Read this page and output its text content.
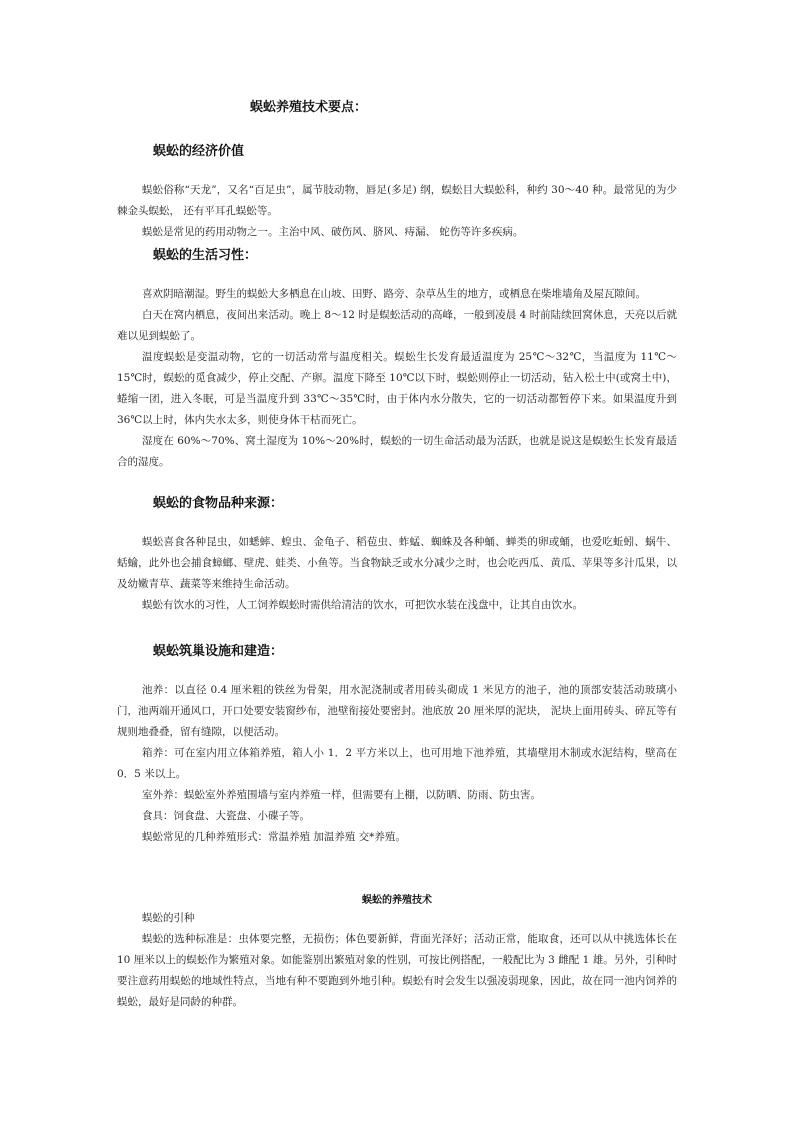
蜈蚣养殖技术要点：
蜈蚣的经济价值

蜈蚣俗称“天龙”，又名“百足虫”，属节肢动物，唇足(多足) 纲，蜈蚣目大蜈蚣科，种约 30～40 种。最常见的为少棘金头蜈蚣， 还有平耳孔蜈蚣等。

蜈蚣是常见的药用动物之一。主治中风、破伤风、脐风、痔漏、 蛇伤等许多疾病。

蜈蚣的生活习性：

喜欢阴暗潮湿。野生的蜈蚣大多栖息在山坡、田野、路旁、杂草丛生的地方，或栖息在柴堆墙角及屋瓦隙间。

白天在窝内栖息，夜间出来活动。晚上 8～12 时是蜈蚣活动的高峰，一般到凌晨 4 时前陆续回窝休息，天亮以后就难以见到蜈蚣了。

温度蜈蚣是变温动物，它的一切活动常与温度相关。蜈蚣生长发育最适温度为 25℃～32℃，当温度为 11℃～15℃时，蜈蚣的觅食减少，停止交配、产卵。温度下降至 10℃以下时，蜈蚣则停止一切活动，钻入松土中(或窝土中)，蜷缩一团，进入冬眠，可是当温度升到 33℃～35℃时，由于体内水分散失，它的一切活动都暂停下来。如果温度升到 36℃以上时，体内失水太多，则使身体干枯而死亡。

湿度在 60%～70%、窝土湿度为 10%～20%时，蜈蚣的一切生命活动最为活跃，也就是说这是蜈蚣生长发育最适合的湿度。

蜈蚣的食物品种来源：

蜈蚣喜食各种昆虫，如蟋蟀、蝗虫、金龟子、稻苞虫、蚱蜢、蜘蛛及各种蛹、蝉类的卵或蛹，也爱吃蚯蚓、蜗牛、蛞蝓，此外也会捕食蟑螂、壁虎、蛙类、小鱼等。当食物缺乏或水分减少之时，也会吃西瓜、黄瓜、苹果等多汁瓜果，以及幼嫩青草、蔬菜等来维持生命活动。

蜈蚣有饮水的习性，人工饲养蜈蚣时需供给清洁的饮水，可把饮水装在浅盘中，让其自由饮水。

蜈蚣筑巢设施和建造：

池养：以直径 0.4 厘米粗的铁丝为骨架，用水泥浇制或者用砖头砌成 1 米见方的池子，池的顶部安装活动玻璃小门，池两端开通风口，开口处要安装窗纱布，池壁衔接处要密封。池底放 20 厘米厚的泥块， 泥块上面用砖头、碎瓦等有规则地叠叠，留有缝隙，以便活动。

箱养：可在室内用立体箱养殖，箱人小 1．2 平方米以上，也可用地下池养殖，其墙壁用木制或水泥结构，壁高在 0．5 米以上。

室外养：蜈蚣室外养殖围墙与室内养殖一样，但需要有上棚，以防晒、防雨、防虫害。

食具：饲食盘、大瓷盘、小碟子等。

蜈蚣常见的几种养殖形式：常温养殖 加温养殖 交*养殖。

蜈蚣的养殖技术

蜈蚣的引种

蜈蚣的选种标准是：虫体要完整，无损伤；体色要新鲜，背面光泽好；活动正常，能取食，还可以从中挑选体长在 10 厘米以上的蜈蚣作为繁殖对象。如能鉴别出繁殖对象的性别，可按比例搭配，一般配比为 3 雌配 1 雄。另外，引种时要注意药用蜈蚣的地域性特点，当地有种不要跑到外地引种。蜈蚣有时会发生以强凌弱现象，因此，故在同一池内饲养的蜈蚣，最好是同龄的种群。
